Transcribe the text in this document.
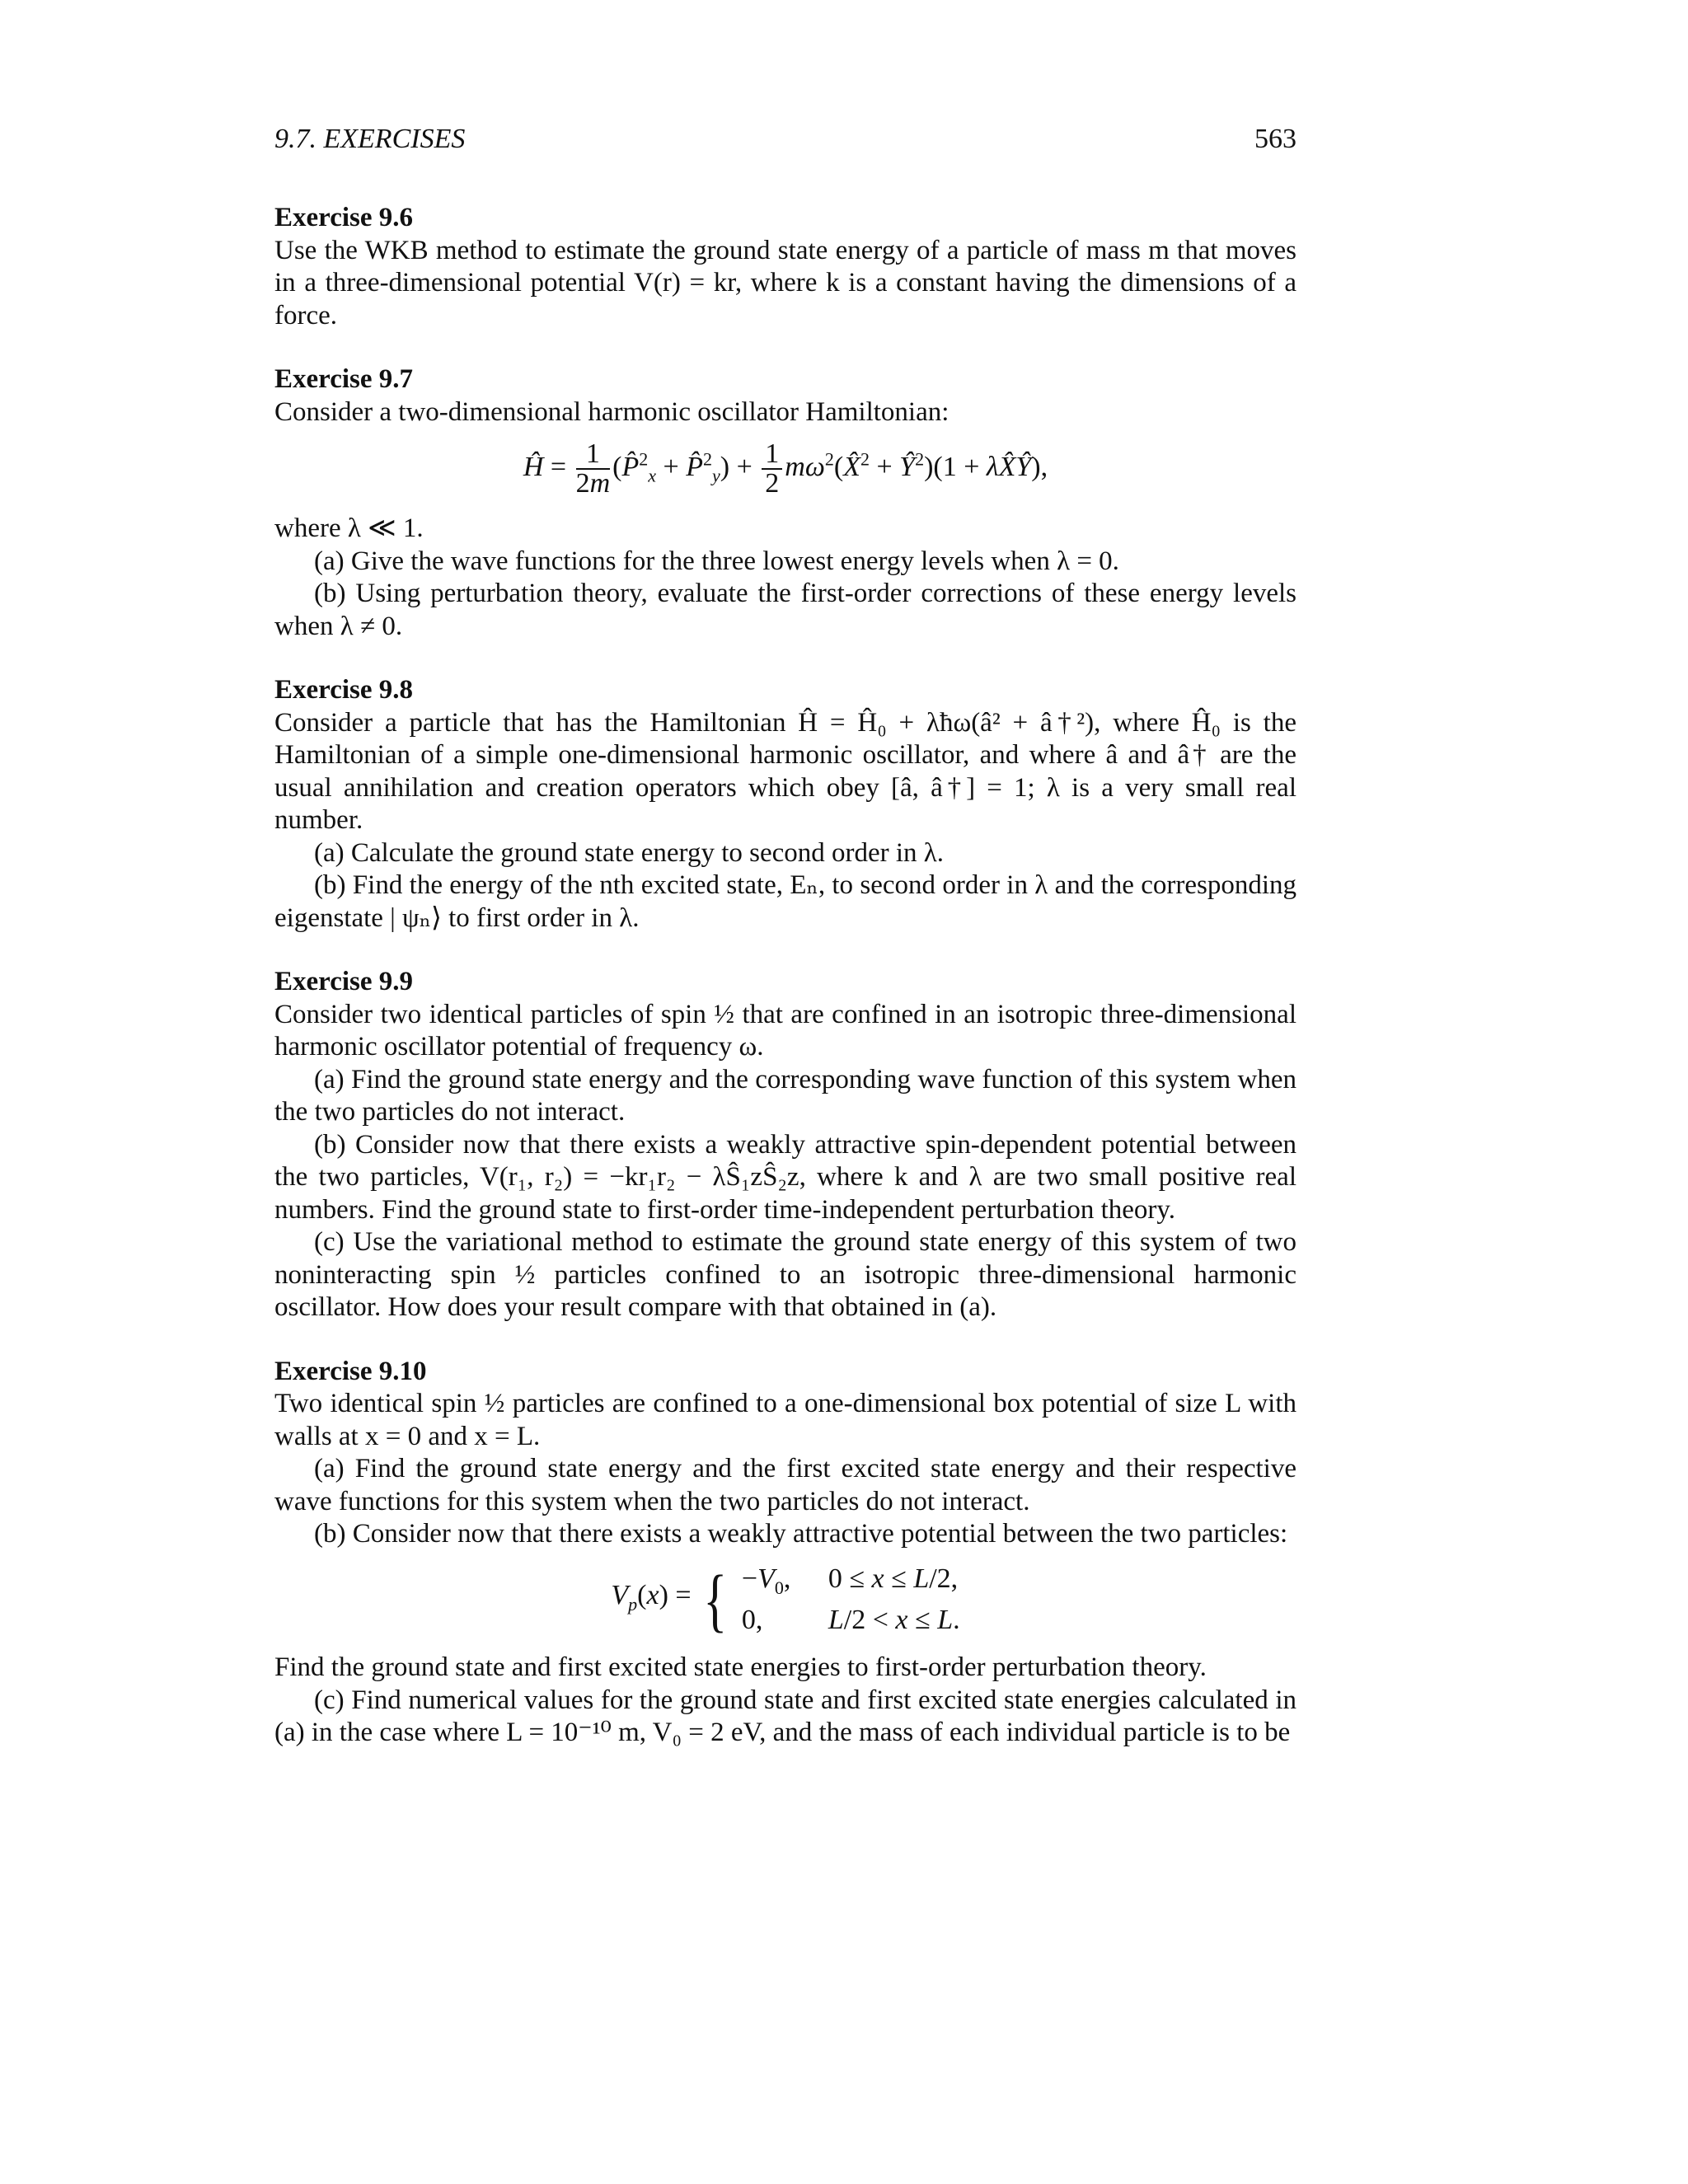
9.7. EXERCISES	563
Exercise 9.6

Use the WKB method to estimate the ground state energy of a particle of mass m that moves in a three-dimensional potential V(r) = kr, where k is a constant having the dimensions of a force.

Exercise 9.7

Consider a two-dimensional harmonic oscillator Hamiltonian:

Ĥ = $\frac{1}{2m}$ (P̂$^2_x$ + P̂$^2_y$) + $\frac{1}{2}$ $m\omega^2(X̂^2$ + $Ŷ^2)(1$ + λX̂Ŷ),

where λ ≪ 1.

(a) Give the wave functions for the three lowest energy levels when λ = 0.

(b) Using perturbation theory, evaluate the first-order corrections of these energy levels when λ ≠ 0.

Exercise 9.8

Consider a particle that has the Hamiltonian Ĥ = Ĥ₀ + λħω(â² + â†²), where Ĥ₀ is the Hamiltonian of a simple one-dimensional harmonic oscillator, and where â and â† are the usual annihilation and creation operators which obey [â, â†] = 1; λ is a very small real number.

(a) Calculate the ground state energy to second order in λ.

(b) Find the energy of the nth excited state, Eₙ, to second order in λ and the corresponding eigenstate | ψₙ⟩ to first order in λ.

Exercise 9.9

Consider two identical particles of spin ½ that are confined in an isotropic three-dimensional harmonic oscillator potential of frequency ω.

(a) Find the ground state energy and the corresponding wave function of this system when the two particles do not interact.

(b) Consider now that there exists a weakly attractive spin-dependent potential between the two particles, V(r₁, r₂) = −kr₁r₂ − λŜ₁zŜ₂z, where k and λ are two small positive real numbers. Find the ground state to first-order time-independent perturbation theory.

(c) Use the variational method to estimate the ground state energy of this system of two noninteracting spin ½ particles confined to an isotropic three-dimensional harmonic oscillator. How does your result compare with that obtained in (a).

Exercise 9.10

Two identical spin ½ particles are confined to a one-dimensional box potential of size L with walls at x = 0 and x = L.

(a) Find the ground state energy and the first excited state energy and their respective wave functions for this system when the two particles do not interact.

(b) Consider now that there exists a weakly attractive potential between the two particles:

$V_p(x)$ = { $-V_0$, 0 ≤ x ≤ L/2,
0, L/2 < x ≤ L.

Find the ground state and first excited state energies to first-order perturbation theory.

(c) Find numerical values for the ground state and first excited state energies calculated in (a) in the case where L = 10⁻¹⁰ m, V₀ = 2 eV, and the mass of each individual particle is to be
